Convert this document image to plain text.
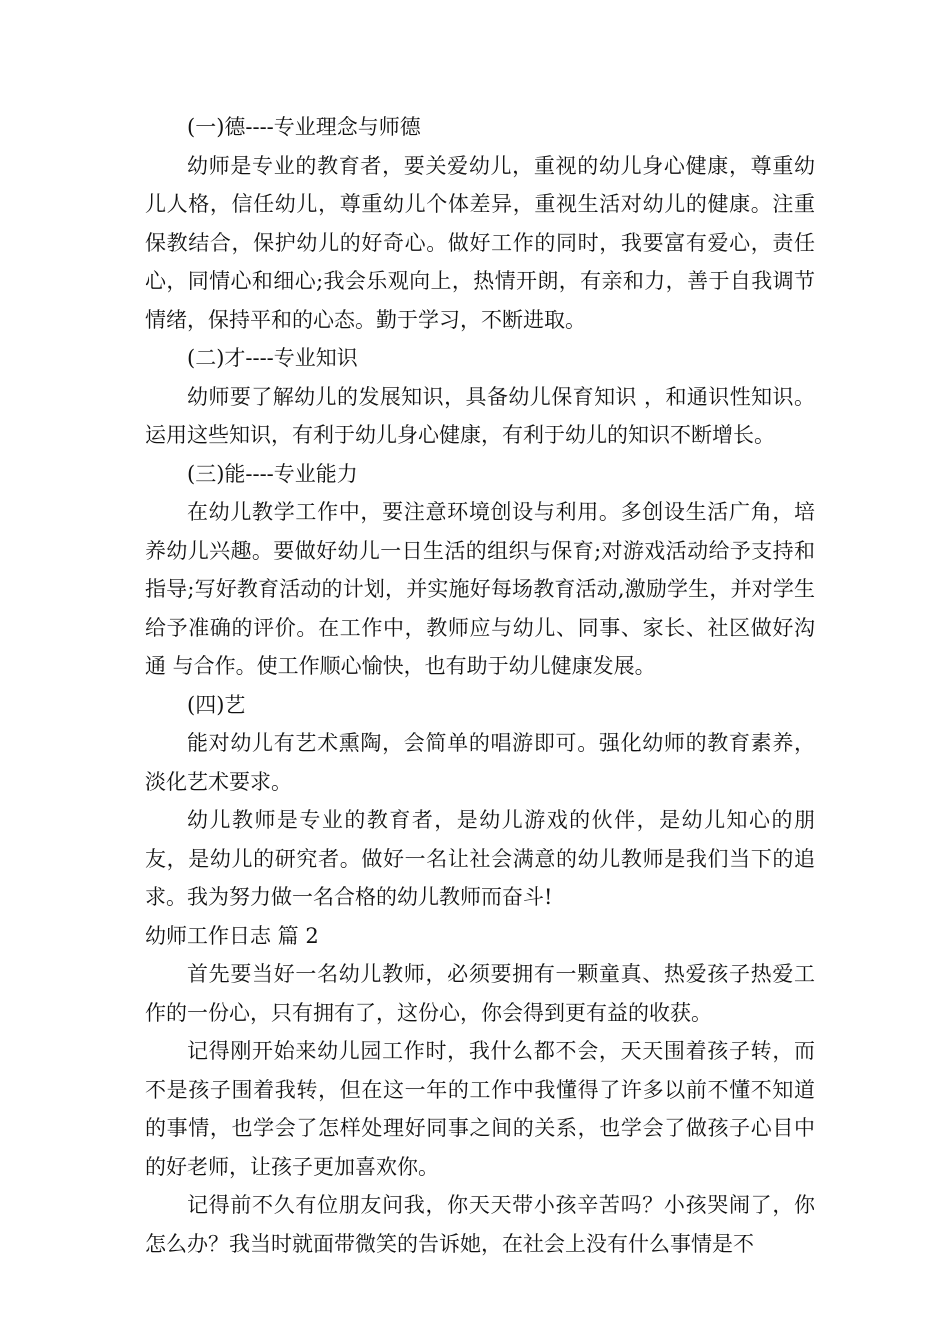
(一)德----专业理念与师德

幼师是专业的教育者，要关爱幼儿，重视的幼儿身心健康，尊重幼儿人格，信任幼儿，尊重幼儿个体差异，重视生活对幼儿的健康。注重保教结合，保护幼儿的好奇心。做好工作的同时，我要富有爱心，责任心，同情心和细心;我会乐观向上，热情开朗，有亲和力，善于自我调节情绪，保持平和的心态。勤于学习，不断进取。

(二)才----专业知识

幼师要了解幼儿的发展知识，具备幼儿保育知识 ，和通识性知识。运用这些知识，有利于幼儿身心健康，有利于幼儿的知识不断增长。

(三)能----专业能力

在幼儿教学工作中，要注意环境创设与利用。多创设生活广角，培养幼儿兴趣。要做好幼儿一日生活的组织与保育;对游戏活动给予支持和指导;写好教育活动的计划，并实施好每场教育活动,激励学生，并对学生给予准确的评价。在工作中，教师应与幼儿、同事、家长、社区做好沟通 与合作。使工作顺心愉快，也有助于幼儿健康发展。

(四)艺

能对幼儿有艺术熏陶，会简单的唱游即可。强化幼师的教育素养，淡化艺术要求。

幼儿教师是专业的教育者，是幼儿游戏的伙伴，是幼儿知心的朋友，是幼儿的研究者。做好一名让社会满意的幼儿教师是我们当下的追求。我为努力做一名合格的幼儿教师而奋斗!

幼师工作日志 篇 2

首先要当好一名幼儿教师，必须要拥有一颗童真、热爱孩子热爱工作的一份心，只有拥有了，这份心，你会得到更有益的收获。

记得刚开始来幼儿园工作时，我什么都不会，天天围着孩子转，而不是孩子围着我转，但在这一年的工作中我懂得了许多以前不懂不知道的事情，也学会了怎样处理好同事之间的关系，也学会了做孩子心目中的好老师，让孩子更加喜欢你。

记得前不久有位朋友问我，你天天带小孩辛苦吗？小孩哭闹了，你怎么办？我当时就面带微笑的告诉她，在社会上没有什么事情是不
